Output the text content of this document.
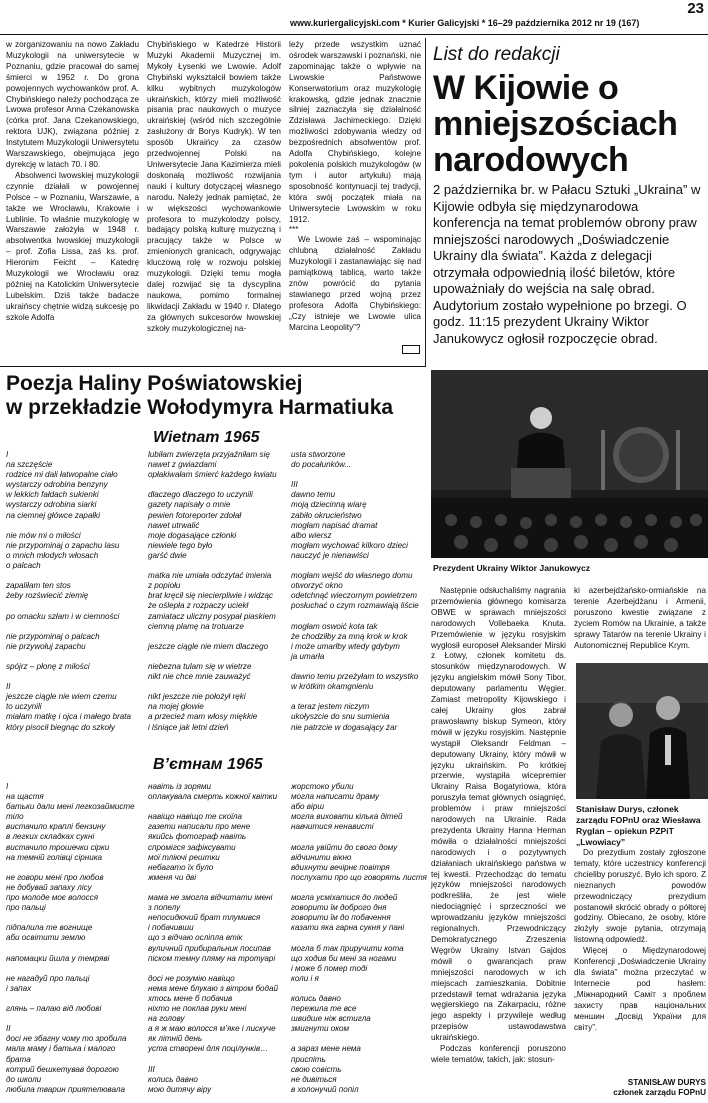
23
www.kuriergalicyjski.com * Kurier Galicyjski * 16–29 października 2012 nr 19 (167)

w zorganizowaniu na nowo Zakładu Muzykologii na uniwersytecie w Poznaniu, gdzie pracował do samej śmierci w 1952 r. Do grona powojennych wychowanków prof. A. Chybińskiego należy pochodząca ze Lwowa profesor Anna Czekanowska (córka prof. Jana Czekanowskiego, rektora UJK), związana później z Instytutem Muzykologii Uniwersytetu Warszawskiego, obejmująca jego dyrekcję w latach 70. i 80.

Absolwenci lwowskiej muzykologii czynnie działali w powojennej Polsce – w Poznaniu, Warszawie, a także we Wrocławiu, Krakowie i Lublinie. To właśnie muzykologię w Warszawie założyła w 1948 r. absolwentka lwowskiej muzykologii – prof. Zofia Lissa, zaś ks. prof. Hieronim Feicht – Katedrę Muzykologii we Wrocławiu oraz później na Katolickim Uniwersytecie Lubelskim. Dziś także badacze ukraińscy chętnie widzą sukcesję po szkole Adolfa

Chybińskiego w Katedrze Historii Muzyki Akademii Muzycznej im. Mykoły Łysenki we Lwowie. Adolf Chybiński wykształcił bowiem także kilku wybitnych muzykologów ukraińskich, którzy mieli możliwość pisania prac naukowych o muzyce ukraińskiej (wśród nich szczególnie zasłużony dr Borys Kudryk). W ten sposób Ukraińcy za czasów przedwojennej Polski na Uniwersytecie Jana Kazimierza mieli doskonałą możliwość rozwijania nauki i kultury dotyczącej własnego narodu. Należy jednak pamiętać, że w większości wychowankowie profesora to muzykolodzy polscy, badający polską kulturę muzyczną i pracujący także w Polsce w zmienionych granicach, odgrywając kluczową rolę w rozwoju polskiej muzykologii. Dzięki temu mogła dalej rozwijać się ta dyscyplina naukowa, pomimo formalnej likwidacji Zakładu w 1940 r. Dlatego za głównych sukcesorów lwowskiej szkoły muzykologicznej na-

leży przede wszystkim uznać ośrodek warszawski i poznański, nie zapominając także o wpływie na Lwowskie Państwowe Konserwatorium oraz muzykologię krakowską, gdzie jednak znacznie silniej zaznaczyła się działalność Zdzisława Jachimeckiego. Dzięki możliwości zdobywania wiedzy od bezpośrednich absolwentów prof. Adolfa Chybińskiego, kolejne pokolenia polskich muzykologów (w tym i autor artykułu) mają sposobność kontynuacji tej tradycji, która swój początek miała na Uniwersytecie Lwowskim w roku 1912.

***

We Lwowie zaś – wspominając chlubną działalność Zakładu Muzykologii i zastanawiając się nad pamiątkową tablicą, warto także znów powrócić do pytania stawianego przed wojną przez profesora Adolfa Chybińskiego: „Czy istnieje we Lwowie ulica Marcina Leopolity”?

List do redakcji
W Kijowie o mniejszościach narodowych
2 października br. w Pałacu Sztuki „Ukraina” w Kijowie odbyła się międzynarodowa konferencja na temat problemów obrony praw mniejszości narodowych „Doświadczenie Ukrainy dla świata”. Każda z delegacji otrzymała odpowiednią ilość biletów, które upoważniały do wejścia na salę obrad. Audytorium zostało wypełnione po brzegi. O godz. 11:15 prezydent Ukrainy Wiktor Janukowycz ogłosił rozpoczęcie obrad.
Poezja Haliny Poświatowskiej
w przekładzie Wołodymyra Harmatiuka
Wietnam 1965
I
na szczęście
rodzice mi dali łatwopalne ciało
wystarczy odrobina benzyny
w lekkich fałdach sukienki
wystarczy odrobina siarki
na ciemnej główce zapałki

nie mów mi o miłości
nie przypominaj o zapachu lasu
o mnich młodych włosach
o palcach

zapaliłam ten stos
żeby rozświecić ziemię

po omacku szłam i w ciemności

nie przypominaj o palcach
nie przywołuj zapachu

spójrz – płonę z miłości

II
jeszcze ciągle nie wiem czemu
to uczynili
miałam matkę i ojca i małego brata
który pisocił biegnąc do szkoły
lubiłam zwierzęta przyjaźniłam się
nawet z gwiazdami
opłakiwałam śmierć każdego kwiatu

dlaczego dlaczego to uczynili
gazety napisały o mnie
pewien fotoreporter zdołał
nawet utrwalić
moje dogasające członki
niewiele tego było
garść dwie

matka nie umiała odczytać imienia
z popiołu
brat kręcił się niecierpliwie i widząc
że oślepła z rozpaczy uciekł
zamiatacz uliczny posypał piaskiem
ciemną plamę na trotuarze

jeszcze ciągle nie miem dlaczego

niebezna tulam się w wietrze
nikt nie chce mnie zauważyć

nikt jeszcze nie położył ręki
na mojej głowie
a przecież mam włosy miękkie
i lśniące jak letni dzień
usta stworzone
do pocałunków...

III
dawno temu
moją dziecinną wiarę
zabiło okrucieństwo
mogłam napisać dramat
albo wiersz
mogłam wychować kilkoro dzieci
nauczyć je nienawiści

mogłam wejść do własnego domu
otworzyć okno
odetchnąć wieczornym powietrzem
posłuchać o czym rozmawiają liście

mogłam oswoić kota tak
że chodziłby za mną krok w krok
i może umarłby wtedy gdybym
ja umarła

dawno temu przeżyłam to wszystko
w krótkim okamgnieniu

a teraz jestem niczym
ukołyszcie do snu sumienia
nie patrzcie w dogasający żar
В’єтнам 1965
I
на щастя
батьки дали мені легкозаймисте
тіло
вистачило краплі бензину
в легких складках сукні
вистачило трошечки сірки
на темній голівці сірника

не говори мені про любов
не добувай запаху лісу
про молоде моє волосся
про пальці

підпалила те вогнище
аби освітити землю

напомацки йшла у темряві

не нагадуй про пальці
і запах

глянь – палаю від любові

II
досі не збагну чому то зробила
мала маму і батька і малого
брата
котрий бешкетував дорогою
до школи
любила тварин приятелювала
навіть із зорями
оплакувала смерть кожної квітки

навіщо навіщо те скоїла
газети написали про мене
якийсь фотограф навіть
спромігся зафіксувати
мої тліючі рештки
небагато їх було
жменя чи дві

мама не змогла відчитати імені
з попелу
непосидючий брат тлумився
і побачивши
що з відчаю осліпла втік
вуличний прибиральник посипав
піском темну пляму на тротуарі

досі не розумію навіщо
нема мене блукаю з вітром бодай
хтось мене б побачив
ніхто не поклав руки мені
на голову
а я ж маю волосся м’яке і лискуче
як літній день
уста створені для поцілунків…

III
колись давно
мою дитячу віру
жорстоко убили
могла написати драму
або вірш
могла виховати кілька дітей
навчитися ненависті

могла увійти до свого дому
відчинити вікно
вдихнути вечірнє повітря
послухати про що говорять листя

могла усміхатися до людей
говорити їм доброго дня
говорити їм до побачення
казати яка гарна сукня у пані

могла б так приручити кота
що ходив би мені за ногами
і може б помер тоді
коли і я

колись давно
пережила те все
швидше ніж встигла
змигнути оком

а зараз мене нема
приспіть
свою совість
не дивіться
в холонучий попіл
Prezydent Ukrainy Wiktor Janukowycz

Następnie odsłuchaliśmy nagrania przemówienia głównego komisarza OBWE w sprawach mniejszości narodowych Vollebaeka Knuta. Przemówienie w języku rosyjskim wygłosił europoseł Aleksander Mirski z Łotwy, członek komitetu ds. stosunków międzynarodowych. W języku angielskim mówił Sony Tibor, deputowany parlamentu Węgier. Zamiast metropolity Kijowskiego i całej Ukrainy głos zabrał prawosławny biskup Symeon, który mówił w języku rosyjskim. Następnie wystąpił Oleksandr Feldman – deputowany Ukrainy, który mówił w języku ukraińskim. Po krótkiej przerwie, wystąpiła wicepremier Ukrainy Raisa Bogatyriowa, która poruszyła temat głównych osiągnięć, problemów i praw mniejszości narodowych na Ukrainie. Rada prezydenta Ukrainy Hanna Herman mówiła o działalności mniejszości narodowych i o pozytywnych działaniach ukraińskiego państwa w tej kwestii. Przechodząc do tematu języków mniejszości narodowych podkreśliła, że jest wiele niedociągnięć i sprzeczności we wprowadzaniu języków mniejszości regionalnych. Przewodniczący Demokratycznego Zrzeszenia Węgrów Ukrainy Istvan Gajdos mówił o gwarancjach praw mniejszości narodowych w ich miejscach zamieszkania. Dobitnie przedstawił temat wdrażania języka węgierskiego na Zakarpaciu, różne jego aspekty i przywileje według przepisów ustawodawstwa ukraińskiego.

Podczas konferencji poruszono wiele tematów, takich, jak: stosun-

ki azerbejdżańsko-ormiańskie na terenie Azerbejdżanu i Armenii, poruszono kwestie związane z życiem Romów na Ukrainie, a także sprawy Tatarów na terenie Ukrainy i Autonomicznej Republice Krym.

Stanisław Durys, członek zarządu FOPnU oraz Wiesława Ryglan – opiekun PZPiT „Lwowiacy”

Do prezydium zostały zgłoszone tematy, które uczestnicy konferencji chcieliby poruszyć. Było ich sporo. Z nieznanych powodów przewodniczący prezydium postanowił skrócić obrady o półtorej godziny. Obiecano, że osoby, które złożyły swoje pytania, otrzymają listowną odpowiedź.

Więcej o Międzynarodowej Konferencji „Doświadczenie Ukrainy dla świata” można przeczytać w Internecie pod hasłem: „Міжнародний Саміт з проблем захисту прав національних меншин „Досвід України для світу”.

STANISŁAW DURYS
członek zarządu FOPnU
